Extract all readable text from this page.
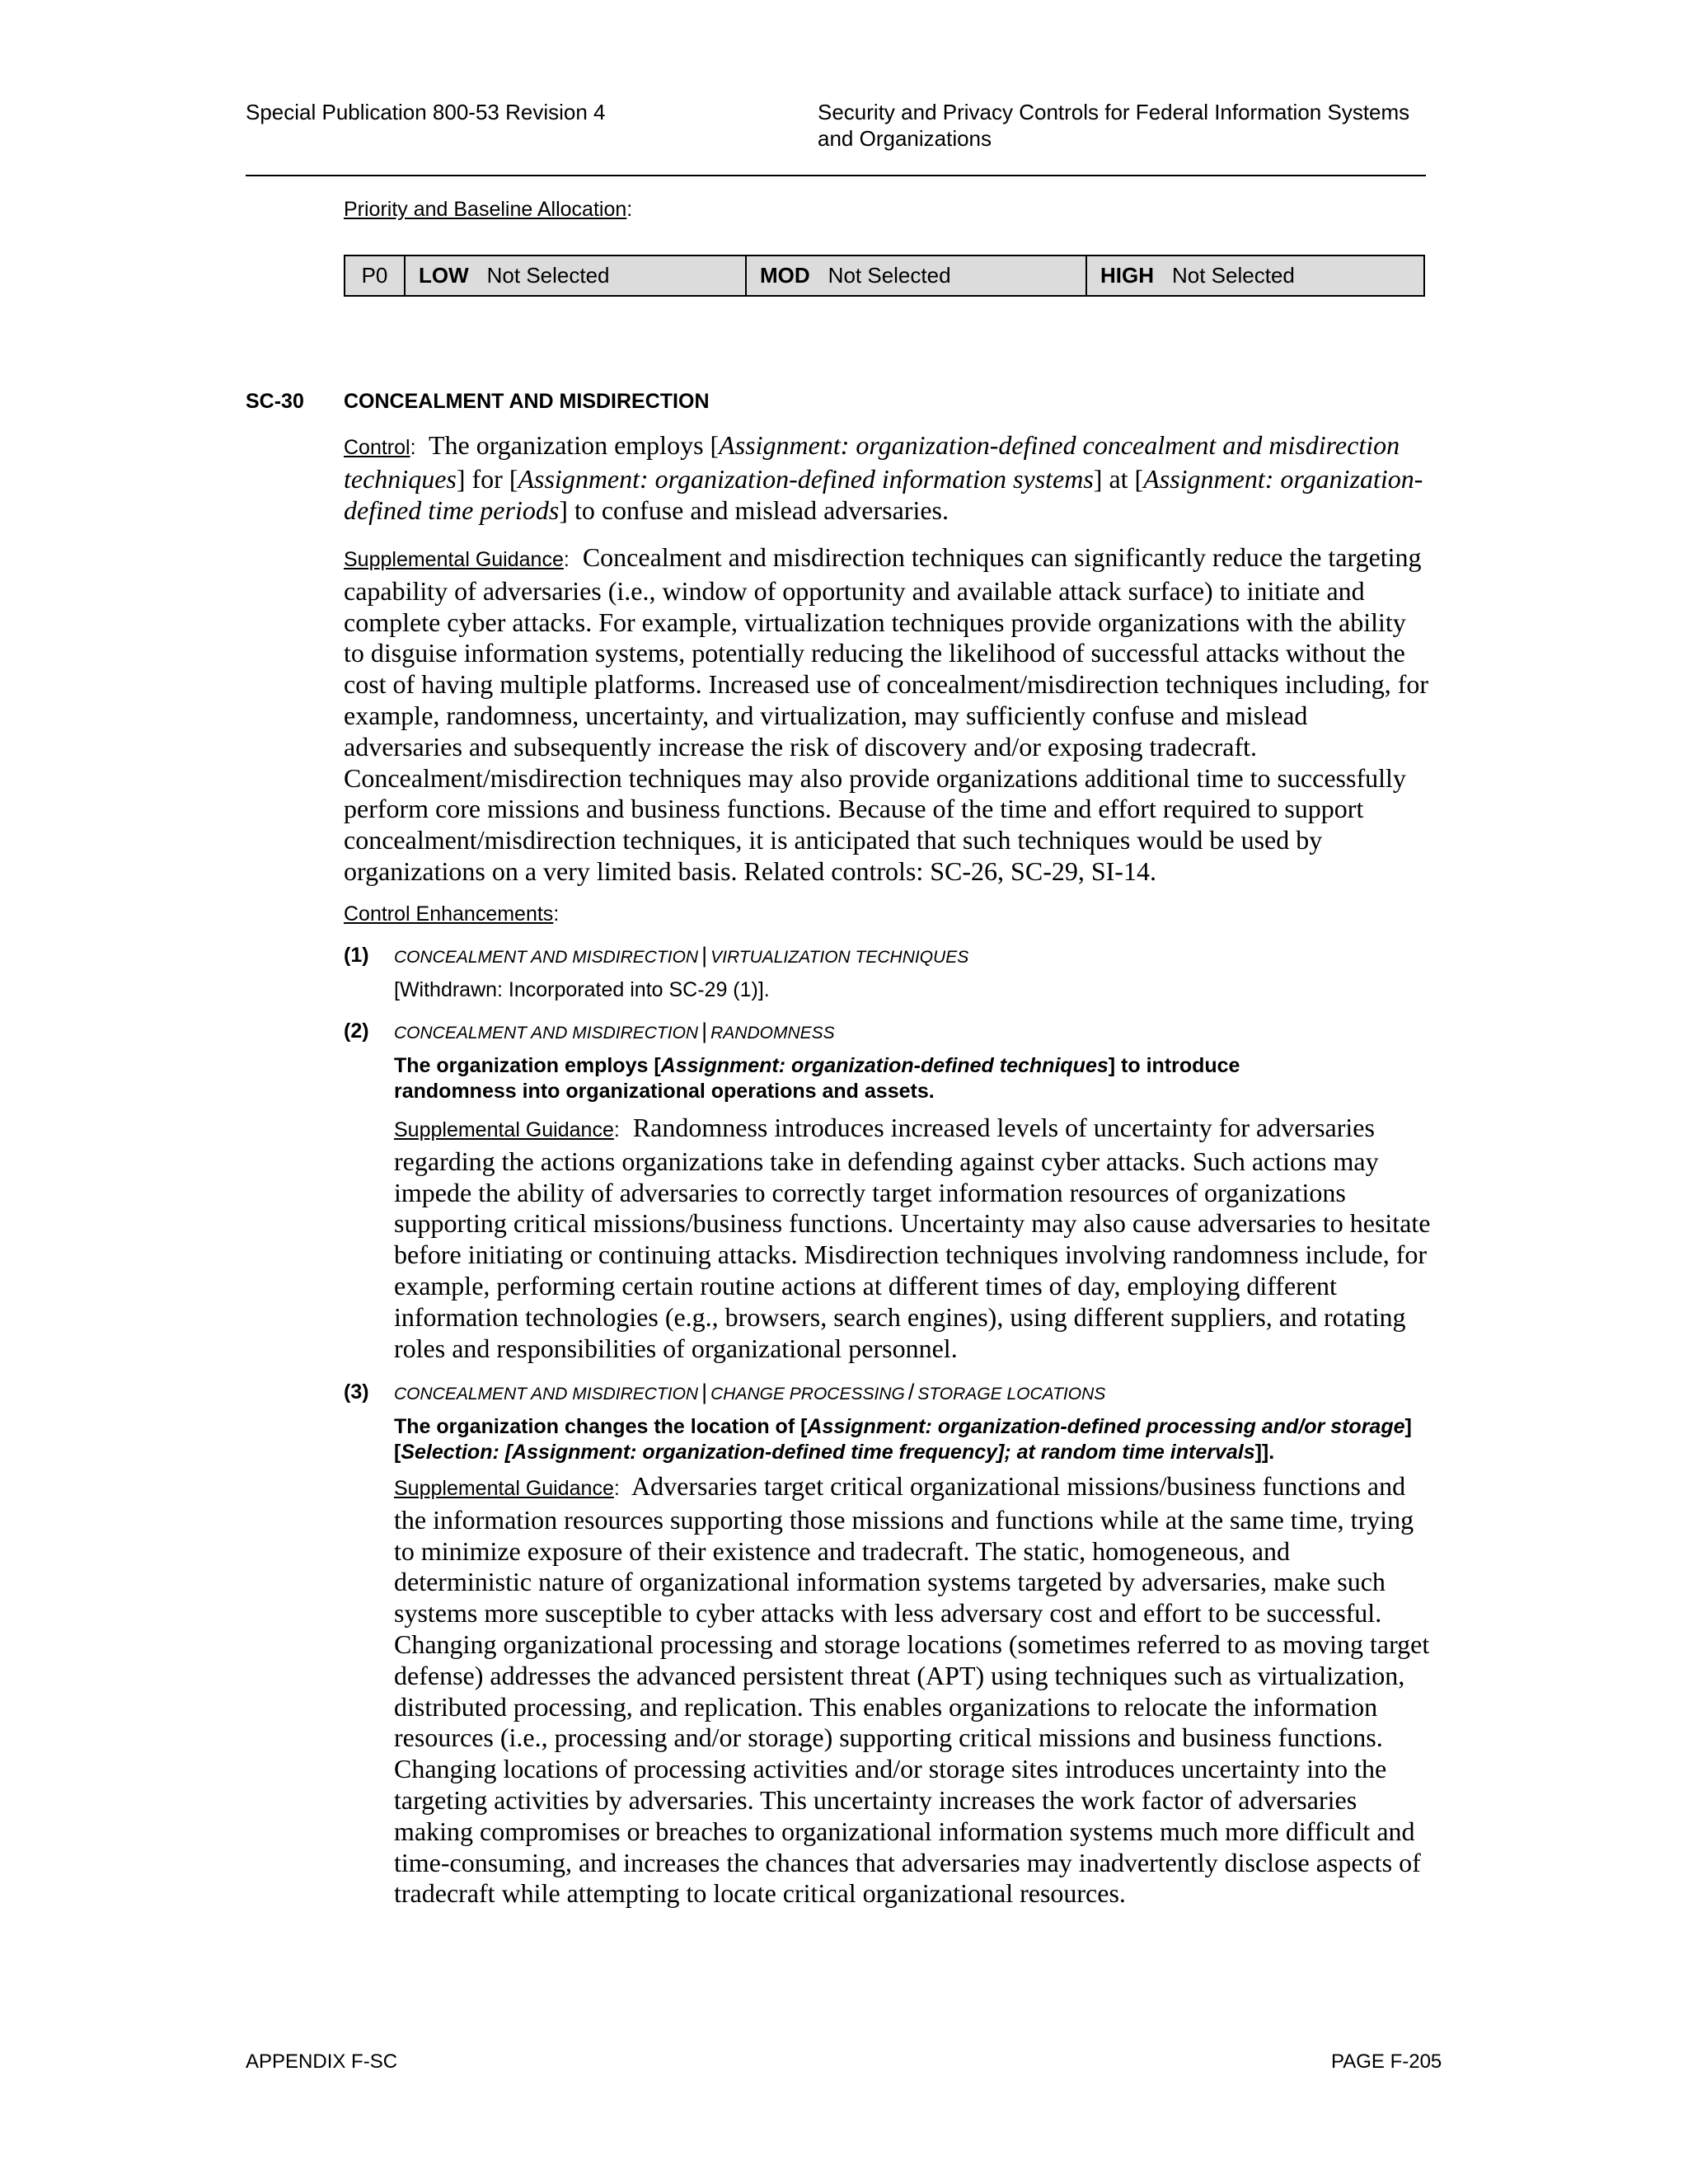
Special Publication 800-53 Revision 4	Security and Privacy Controls for Federal Information Systems
and Organizations
Priority and Baseline Allocation:
P0	LOW Not Selected	MOD Not Selected	HIGH Not Selected
SC-30 CONCEALMENT AND MISDIRECTION
Control: The organization employs [Assignment: organization-defined concealment and misdirection techniques] for [Assignment: organization-defined information systems] at [Assignment: organization-defined time periods] to confuse and mislead adversaries.
Supplemental Guidance: Concealment and misdirection techniques can significantly reduce the targeting capability of adversaries (i.e., window of opportunity and available attack surface) to initiate and complete cyber attacks. For example, virtualization techniques provide organizations with the ability to disguise information systems, potentially reducing the likelihood of successful attacks without the cost of having multiple platforms. Increased use of concealment/misdirection techniques including, for example, randomness, uncertainty, and virtualization, may sufficiently confuse and mislead adversaries and subsequently increase the risk of discovery and/or exposing tradecraft. Concealment/misdirection techniques may also provide organizations additional time to successfully perform core missions and business functions. Because of the time and effort required to support concealment/misdirection techniques, it is anticipated that such techniques would be used by organizations on a very limited basis. Related controls: SC-26, SC-29, SI-14.
Control Enhancements:
(1) CONCEALMENT AND MISDIRECTION | VIRTUALIZATION TECHNIQUES
[Withdrawn: Incorporated into SC-29 (1)].
(2) CONCEALMENT AND MISDIRECTION | RANDOMNESS
The organization employs [Assignment: organization-defined techniques] to introduce randomness into organizational operations and assets.
Supplemental Guidance: Randomness introduces increased levels of uncertainty for adversaries regarding the actions organizations take in defending against cyber attacks. Such actions may impede the ability of adversaries to correctly target information resources of organizations supporting critical missions/business functions. Uncertainty may also cause adversaries to hesitate before initiating or continuing attacks. Misdirection techniques involving randomness include, for example, performing certain routine actions at different times of day, employing different information technologies (e.g., browsers, search engines), using different suppliers, and rotating roles and responsibilities of organizational personnel.
(3) CONCEALMENT AND MISDIRECTION | CHANGE PROCESSING / STORAGE LOCATIONS
The organization changes the location of [Assignment: organization-defined processing and/or storage] [Selection: [Assignment: organization-defined time frequency]; at random time intervals]].
Supplemental Guidance: Adversaries target critical organizational missions/business functions and the information resources supporting those missions and functions while at the same time, trying to minimize exposure of their existence and tradecraft. The static, homogeneous, and deterministic nature of organizational information systems targeted by adversaries, make such systems more susceptible to cyber attacks with less adversary cost and effort to be successful. Changing organizational processing and storage locations (sometimes referred to as moving target defense) addresses the advanced persistent threat (APT) using techniques such as virtualization, distributed processing, and replication. This enables organizations to relocate the information resources (i.e., processing and/or storage) supporting critical missions and business functions. Changing locations of processing activities and/or storage sites introduces uncertainty into the targeting activities by adversaries. This uncertainty increases the work factor of adversaries making compromises or breaches to organizational information systems much more difficult and time-consuming, and increases the chances that adversaries may inadvertently disclose aspects of tradecraft while attempting to locate critical organizational resources.
APPENDIX F-SC	PAGE F-205
